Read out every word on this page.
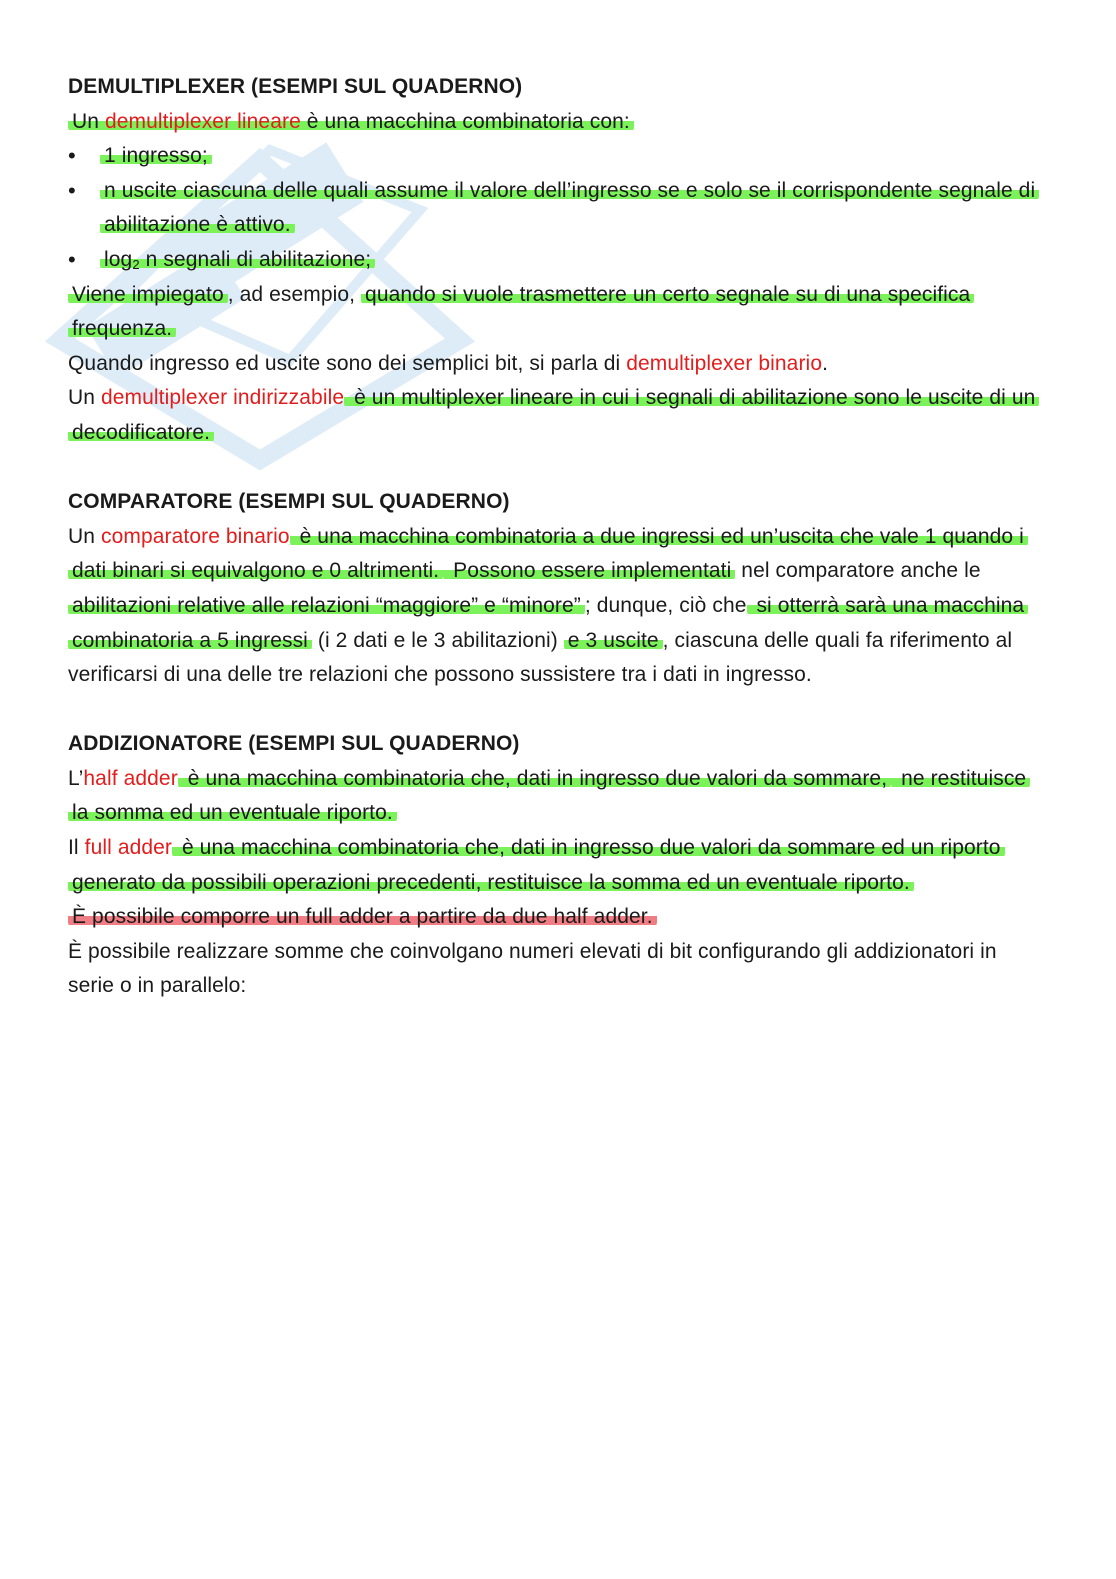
DEMULTIPLEXER (ESEMPI SUL QUADERNO)

Un demultiplexer lineare è una macchina combinatoria con:

• 1 ingresso;
• n uscite ciascuna delle quali assume il valore dell’ingresso se e solo se il corrispondente segnale di abilitazione è attivo.
• $\log_2 n$ segnali di abilitazione;

Viene impiegato , ad esempio, quando si vuole trasmettere un certo segnale su di una specifica frequenza.

Quando ingresso ed uscite sono dei semplici bit, si parla di demultiplexer binario.

Un demultiplexer indirizzabile è un multiplexer lineare in cui i segnali di abilitazione sono le uscite di un decodificatore.

COMPARATORE (ESEMPI SUL QUADERNO)

Un comparatore binario è una macchina combinatoria a due ingressi ed un’uscita che vale 1 quando i dati binari si equivalgono e 0 altrimenti. Possono essere implementati nel comparatore anche le abilitazioni relative alle relazioni “maggiore” e “minore” ; dunque, ciò che si otterrà sarà una macchina combinatoria a 5 ingressi (i 2 dati e le 3 abilitazioni) e 3 uscite , ciascuna delle quali fa riferimento al verificarsi di una delle tre relazioni che possono sussistere tra i dati in ingresso.

ADDIZIONATORE (ESEMPI SUL QUADERNO)

L’half adder è una macchina combinatoria che, dati in ingresso due valori da sommare, ne restituisce la somma ed un eventuale riporto.

Il full adder è una macchina combinatoria che, dati in ingresso due valori da sommare ed un riporto generato da possibili operazioni precedenti, restituisce la somma ed un eventuale riporto.

È possibile comporre un full adder a partire da due half adder.

È possibile realizzare somme che coinvolgano numeri elevati di bit configurando gli addizionatori in serie o in parallelo:
